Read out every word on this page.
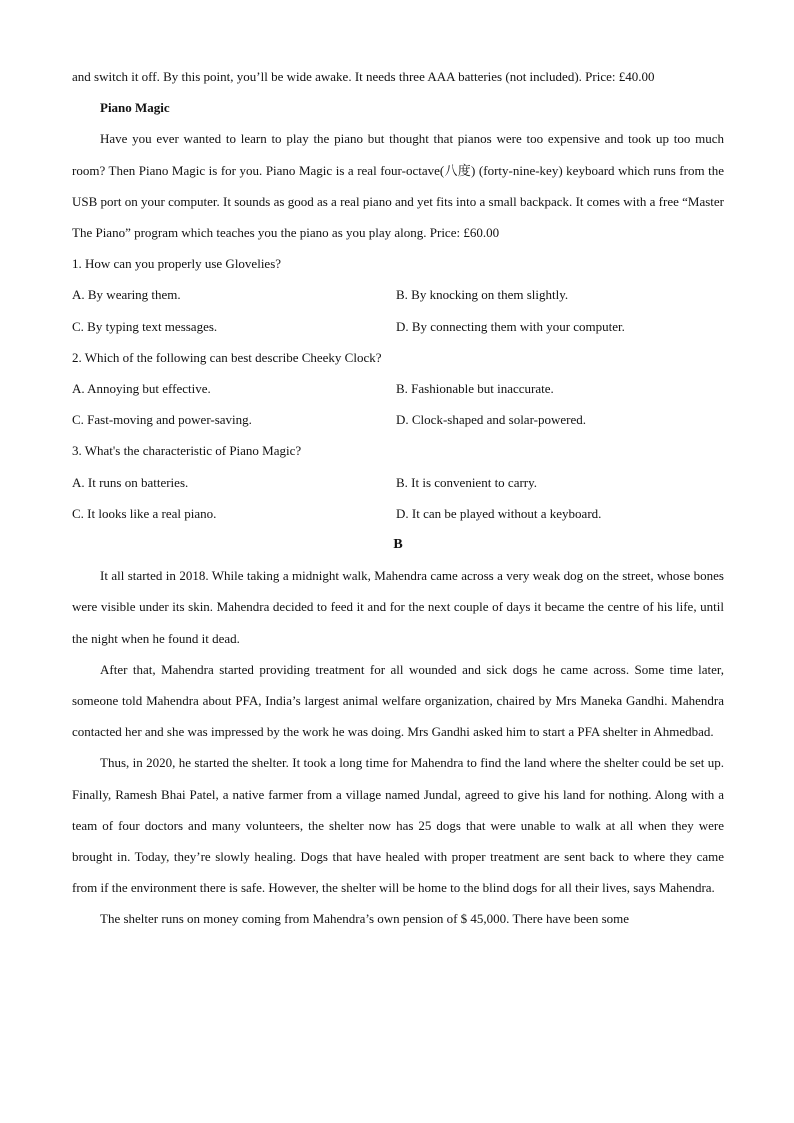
and switch it off. By this point, you’ll be wide awake. It needs three AAA batteries (not included). Price: £40.00

Piano Magic

Have you ever wanted to learn to play the piano but thought that pianos were too expensive and took up too much room? Then Piano Magic is for you. Piano Magic is a real four-octave(八度) (forty-nine-key) keyboard which runs from the USB port on your computer. It sounds as good as a real piano and yet fits into a small backpack. It comes with a free “Master The Piano” program which teaches you the piano as you play along. Price: £60.00

1. How can you properly use Glovelies?

A. By wearing them.	B. By knocking on them slightly.
C. By typing text messages.	D. By connecting them with your computer.

2. Which of the following can best describe Cheeky Clock?

A. Annoying but effective.	B. Fashionable but inaccurate.
C. Fast-moving and power-saving.	D. Clock-shaped and solar-powered.

3. What's the characteristic of Piano Magic?

A. It runs on batteries.	B. It is convenient to carry.
C. It looks like a real piano.	D. It can be played without a keyboard.

B

It all started in 2018. While taking a midnight walk, Mahendra came across a very weak dog on the street, whose bones were visible under its skin. Mahendra decided to feed it and for the next couple of days it became the centre of his life, until the night when he found it dead.

After that, Mahendra started providing treatment for all wounded and sick dogs he came across. Some time later, someone told Mahendra about PFA, India’s largest animal welfare organization, chaired by Mrs Maneka Gandhi. Mahendra contacted her and she was impressed by the work he was doing. Mrs Gandhi asked him to start a PFA shelter in Ahmedbad.

Thus, in 2020, he started the shelter. It took a long time for Mahendra to find the land where the shelter could be set up. Finally, Ramesh Bhai Patel, a native farmer from a village named Jundal, agreed to give his land for nothing. Along with a team of four doctors and many volunteers, the shelter now has 25 dogs that were unable to walk at all when they were brought in. Today, they’re slowly healing. Dogs that have healed with proper treatment are sent back to where they came from if the environment there is safe. However, the shelter will be home to the blind dogs for all their lives, says Mahendra.

The shelter runs on money coming from Mahendra’s own pension of $ 45,000. There have been some
